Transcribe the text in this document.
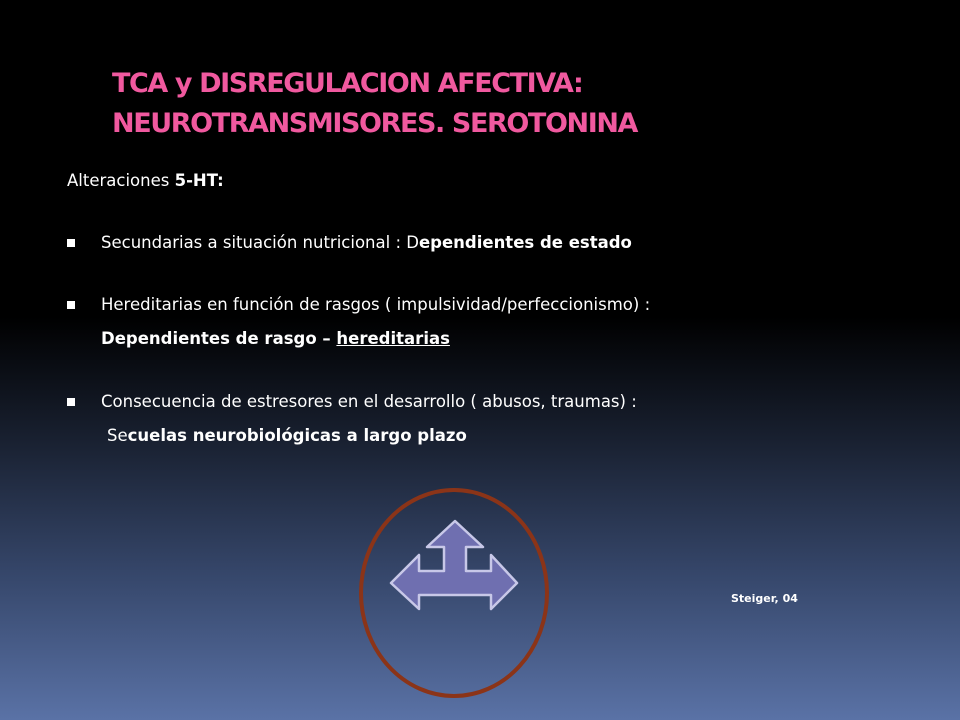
TCA y DISREGULACION AFECTIVA:
NEUROTRANSMISORES. SEROTONINA
Alteraciones 5-HT:
Secundarias a situación nutricional : Dependientes de estado
Hereditarias en función de rasgos ( impulsividad/perfeccionismo) :
Dependientes de rasgo – hereditarias
Consecuencia de estresores en el desarrollo ( abusos, traumas) :
Secuelas neurobiológicas a largo plazo
Steiger, 04
